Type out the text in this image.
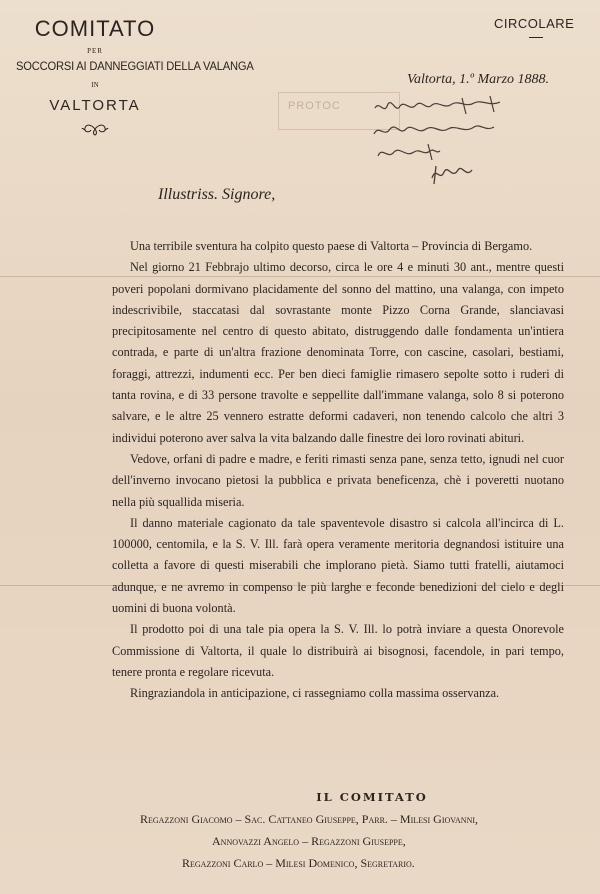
PROTOC
COMITATO
PER
SOCCORSI AI DANNEGGIATI DELLA VALANGA
IN
VALTORTA
CIRCOLARE
Valtorta, 1.º Marzo 1888.
Illustriss. Signore,

Una terribile sventura ha colpito questo paese di Valtorta – Provincia di Bergamo.

Nel giorno 21 Febbrajo ultimo decorso, circa le ore 4 e minuti 30 ant., mentre questi poveri popolani dormivano placidamente del sonno del mattino, una valanga, con impeto indescrivibile, staccatasi dal sovrastante monte Pizzo Corna Grande, slanciavasi precipitosamente nel centro di questo abitato, distruggendo dalle fondamenta un'intiera contrada, e parte di un'altra frazione denominata Torre, con cascine, casolari, bestiami, foraggi, attrezzi, indumenti ecc. Per ben dieci famiglie rimasero sepolte sotto i ruderi di tanta rovina, e di 33 persone travolte e seppellite dall'immane valanga, solo 8 si poterono salvare, e le altre 25 vennero estratte deformi cadaveri, non tenendo calcolo che altri 3 individui poterono aver salva la vita balzando dalle finestre dei loro rovinati abituri.

Vedove, orfani di padre e madre, e feriti rimasti senza pane, senza tetto, ignudi nel cuor dell'inverno invocano pietosi la pubblica e privata beneficenza, chè i poveretti nuotano nella più squallida miseria.

Il danno materiale cagionato da tale spaventevole disastro si calcola all'incirca di L. 100000, centomila, e la S. V. Ill. farà opera veramente meritoria degnandosi istituire una colletta a favore di questi miserabili che implorano pietà. Siamo tutti fratelli, aiutamoci adunque, e ne avremo in compenso le più larghe e feconde benedizioni del cielo e degli uomini di buona volontà.

Il prodotto poi di una tale pia opera la S. V. Ill. lo potrà inviare a questa Onorevole Commissione di Valtorta, il quale lo distribuirà ai bisognosi, facendole, in pari tempo, tenere pronta e regolare ricevuta.

Ringraziandola in anticipazione, ci rassegniamo colla massima osservanza.

IL COMITATO
Regazzoni Giacomo – Sac. Cattaneo Giuseppe, Parr. – Milesi Giovanni,
Annovazzi Angelo – Regazzoni Giuseppe,
Regazzoni Carlo – Milesi Domenico, Segretario.
